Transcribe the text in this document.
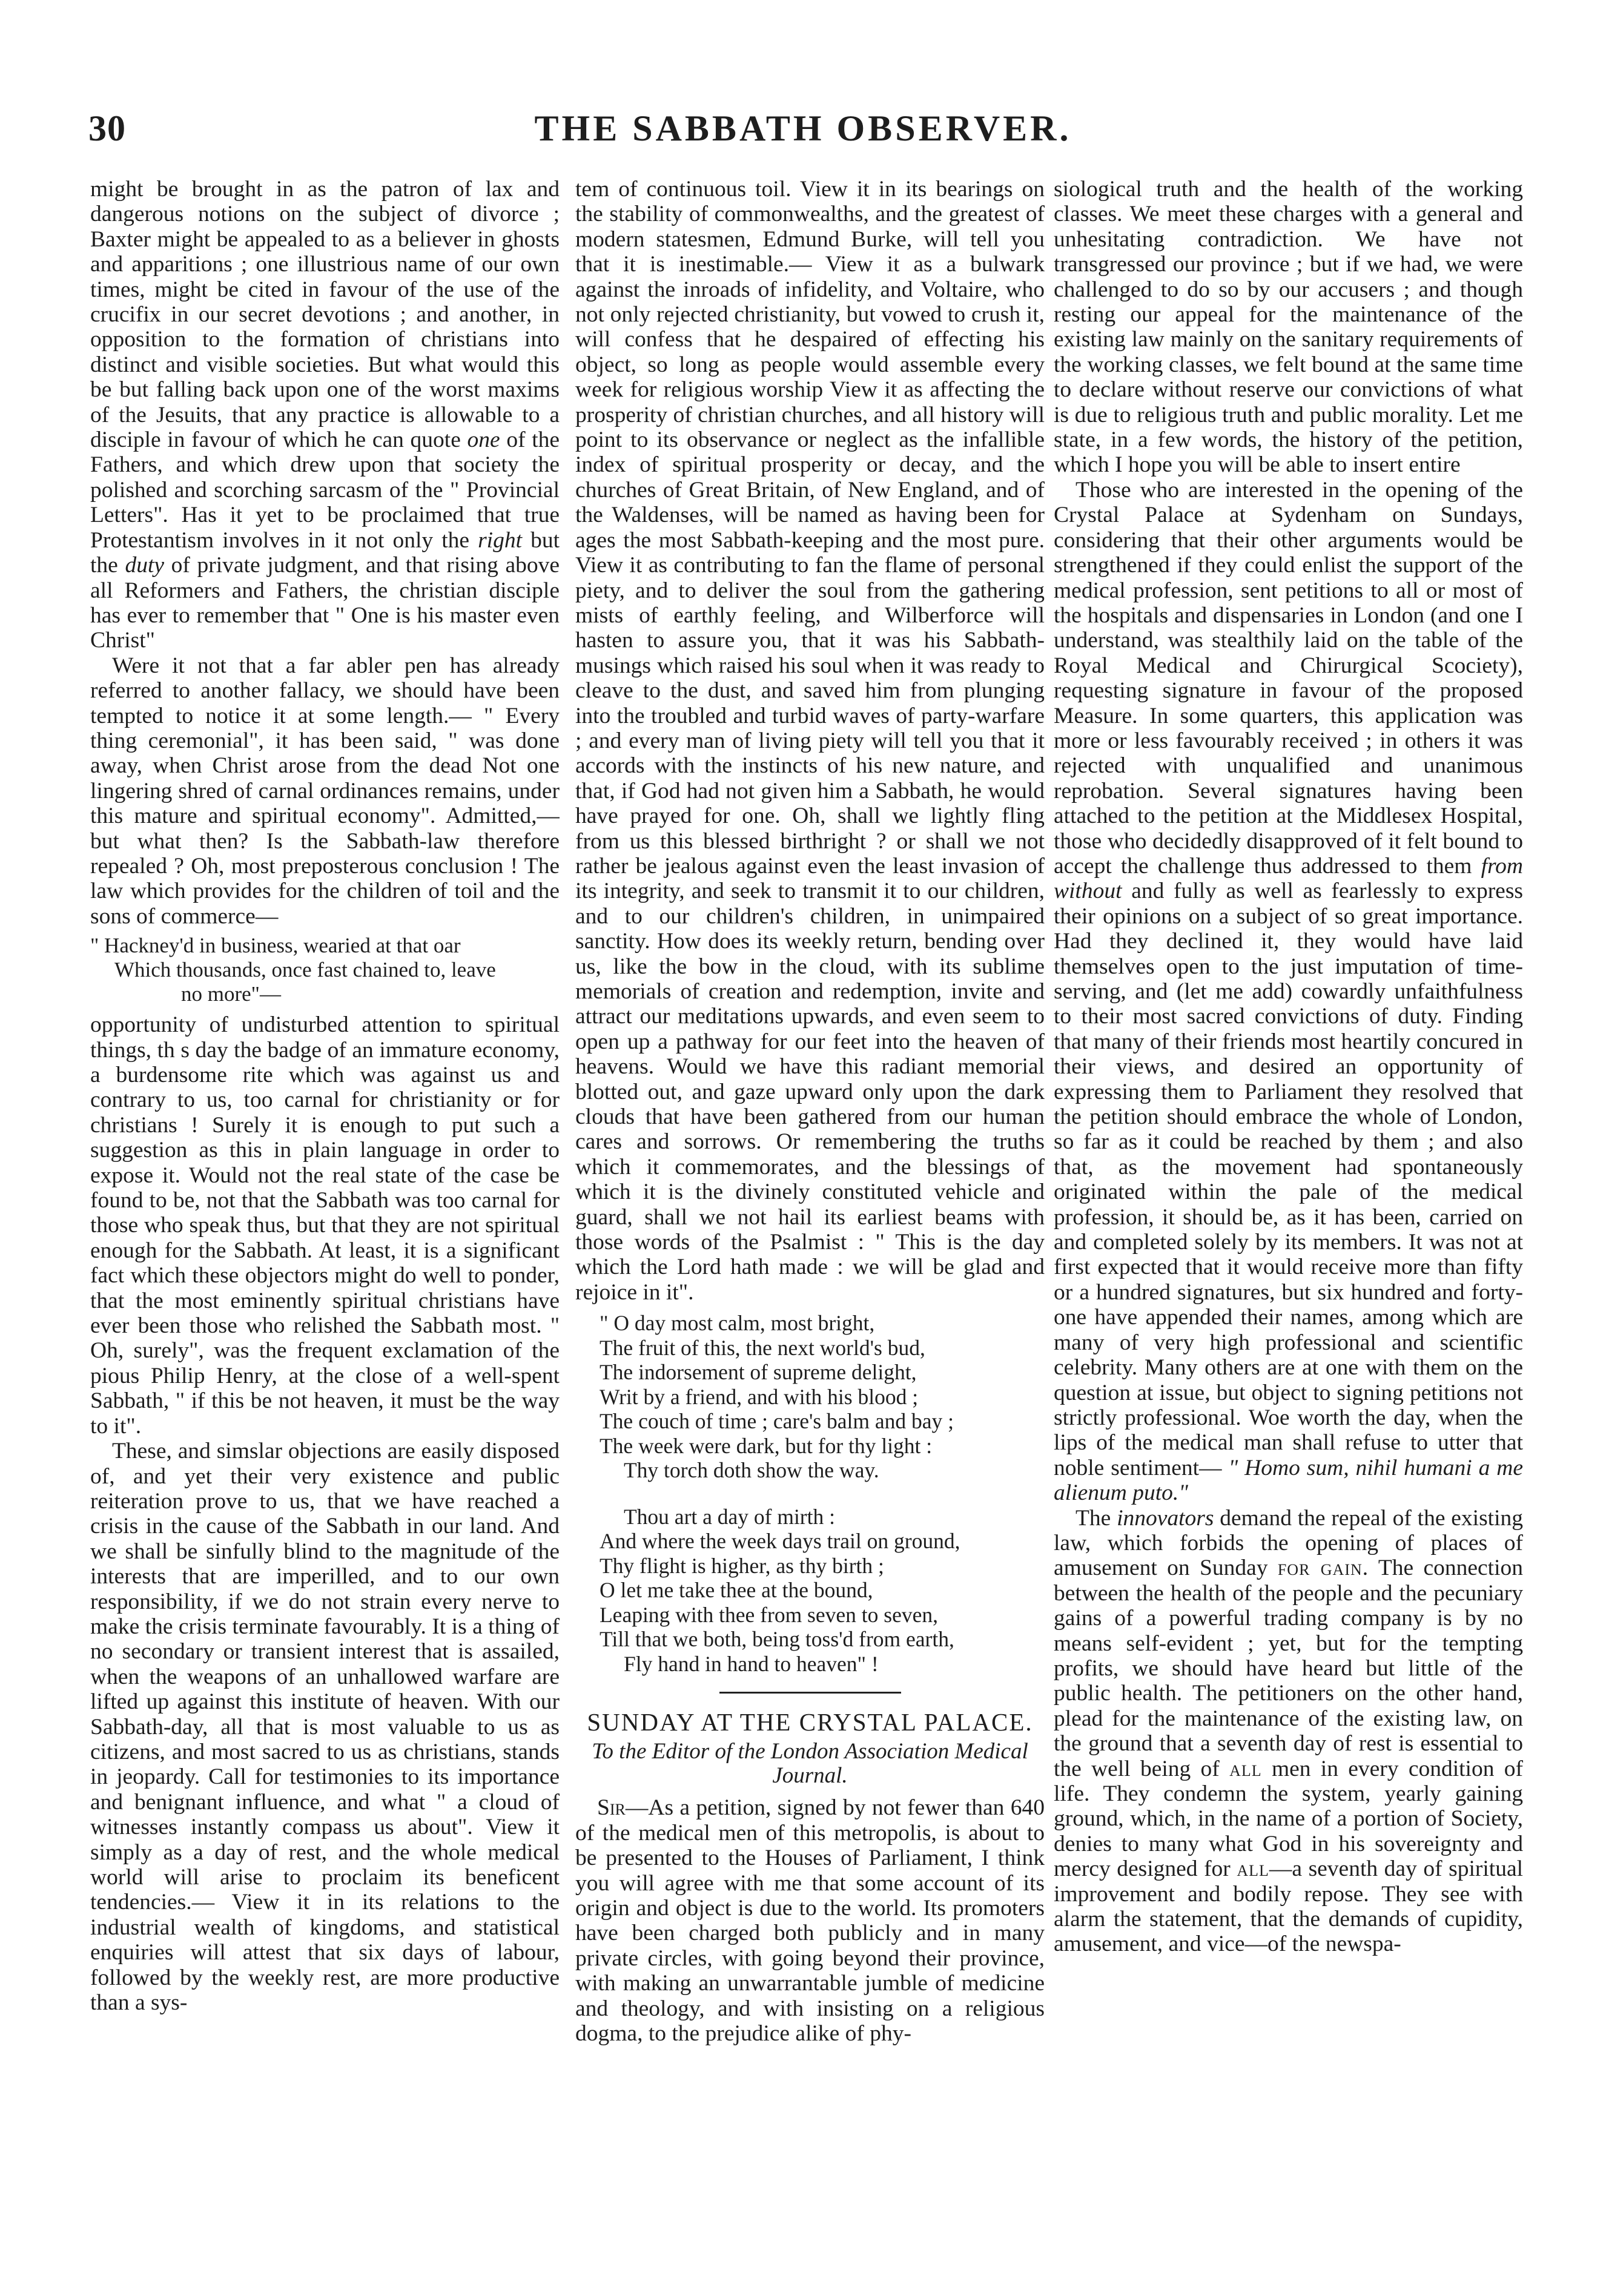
30	THE SABBATH OBSERVER.

might be brought in as the patron of lax and dangerous notions on the subject of divorce ; Baxter might be appealed to as a believer in ghosts and apparitions ; one illustrious name of our own times, might be cited in favour of the use of the crucifix in our secret devotions ; and another, in opposition to the formation of christians into distinct and visible societies. But what would this be but falling back upon one of the worst maxims of the Jesuits, that any practice is allowable to a disciple in favour of which he can quote one of the Fathers, and which drew upon that society the polished and scorching sarcasm of the " Provincial Letters". Has it yet to be proclaimed that true Protestantism involves in it not only the right but the duty of private judgment, and that rising above all Reformers and Fathers, the christian disciple has ever to remember that " One is his master even Christ"

Were it not that a far abler pen has already referred to another fallacy, we should have been tempted to notice it at some length.— " Every thing ceremonial", it has been said, " was done away, when Christ arose from the dead Not one lingering shred of carnal ordinances remains, under this mature and spiritual economy". Admitted,—but what then? Is the Sabbath-law therefore repealed ? Oh, most preposterous conclusion ! The law which provides for the children of toil and the sons of commerce—

" Hackney'd in business, wearied at that oar
Which thousands, once fast chained to, leave
no more"—

opportunity of undisturbed attention to spiritual things, th s day the badge of an immature economy, a burdensome rite which was against us and contrary to us, too carnal for christianity or for christians ! Surely it is enough to put such a suggestion as this in plain language in order to expose it. Would not the real state of the case be found to be, not that the Sabbath was too carnal for those who speak thus, but that they are not spiritual enough for the Sabbath. At least, it is a significant fact which these objectors might do well to ponder, that the most eminently spiritual christians have ever been those who relished the Sabbath most. " Oh, surely", was the frequent exclamation of the pious Philip Henry, at the close of a well-spent Sabbath, " if this be not heaven, it must be the way to it".

These, and simslar objections are easily disposed of, and yet their very existence and public reiteration prove to us, that we have reached a crisis in the cause of the Sabbath in our land. And we shall be sinfully blind to the magnitude of the interests that are imperilled, and to our own responsibility, if we do not strain every nerve to make the crisis terminate favourably. It is a thing of no secondary or transient interest that is assailed, when the weapons of an unhallowed warfare are lifted up against this institute of heaven. With our Sabbath-day, all that is most valuable to us as citizens, and most sacred to us as christians, stands in jeopardy. Call for testimonies to its importance and benignant influence, and what " a cloud of witnesses instantly compass us about". View it simply as a day of rest, and the whole medical world will arise to proclaim its beneficent tendencies.— View it in its relations to the industrial wealth of kingdoms, and statistical enquiries will attest that six days of labour, followed by the weekly rest, are more productive than a sys-

tem of continuous toil. View it in its bearings on the stability of commonwealths, and the greatest of modern statesmen, Edmund Burke, will tell you that it is inestimable.— View it as a bulwark against the inroads of infidelity, and Voltaire, who not only rejected christianity, but vowed to crush it, will confess that he despaired of effecting his object, so long as people would assemble every week for religious worship View it as affecting the prosperity of christian churches, and all history will point to its observance or neglect as the infallible index of spiritual prosperity or decay, and the churches of Great Britain, of New England, and of the Waldenses, will be named as having been for ages the most Sabbath-keeping and the most pure. View it as contributing to fan the flame of personal piety, and to deliver the soul from the gathering mists of earthly feeling, and Wilberforce will hasten to assure you, that it was his Sabbath-musings which raised his soul when it was ready to cleave to the dust, and saved him from plunging into the troubled and turbid waves of party-warfare ; and every man of living piety will tell you that it accords with the instincts of his new nature, and that, if God had not given him a Sabbath, he would have prayed for one. Oh, shall we lightly fling from us this blessed birthright ? or shall we not rather be jealous against even the least invasion of its integrity, and seek to transmit it to our children, and to our children's children, in unimpaired sanctity. How does its weekly return, bending over us, like the bow in the cloud, with its sublime memorials of creation and redemption, invite and attract our meditations upwards, and even seem to open up a pathway for our feet into the heaven of heavens. Would we have this radiant memorial blotted out, and gaze upward only upon the dark clouds that have been gathered from our human cares and sorrows. Or remembering the truths which it commemorates, and the blessings of which it is the divinely constituted vehicle and guard, shall we not hail its earliest beams with those words of the Psalmist : " This is the day which the Lord hath made : we will be glad and rejoice in it".

" O day most calm, most bright,
The fruit of this, the next world's bud,
The indorsement of supreme delight,
Writ by a friend, and with his blood ;
The couch of time ; care's balm and bay ;
The week were dark, but for thy light :
Thy torch doth show the way.
Thou art a day of mirth :
And where the week days trail on ground,
Thy flight is higher, as thy birth ;
O let me take thee at the bound,
Leaping with thee from seven to seven,
Till that we both, being toss'd from earth,
Fly hand in hand to heaven" !
SUNDAY AT THE CRYSTAL PALACE.
To the Editor of the London Association Medical Journal.

Sir—As a petition, signed by not fewer than 640 of the medical men of this metropolis, is about to be presented to the Houses of Parliament, I think you will agree with me that some account of its origin and object is due to the world. Its promoters have been charged both publicly and in many private circles, with going beyond their province, with making an unwarrantable jumble of medicine and theology, and with insisting on a religious dogma, to the prejudice alike of phy-

siological truth and the health of the working classes. We meet these charges with a general and unhesitating contradiction. We have not transgressed our province ; but if we had, we were challenged to do so by our accusers ; and though resting our appeal for the maintenance of the existing law mainly on the sanitary requirements of the working classes, we felt bound at the same time to declare without reserve our convictions of what is due to religious truth and public morality. Let me state, in a few words, the history of the petition, which I hope you will be able to insert entire

Those who are interested in the opening of the Crystal Palace at Sydenham on Sundays, considering that their other arguments would be strengthened if they could enlist the support of the medical profession, sent petitions to all or most of the hospitals and dispensaries in London (and one I understand, was stealthily laid on the table of the Royal Medical and Chirurgical Scociety), requesting signature in favour of the proposed Measure. In some quarters, this application was more or less favourably received ; in others it was rejected with unqualified and unanimous reprobation. Several signatures having been attached to the petition at the Middlesex Hospital, those who decidedly disapproved of it felt bound to accept the challenge thus addressed to them from without and fully as well as fearlessly to express their opinions on a subject of so great importance. Had they declined it, they would have laid themselves open to the just imputation of time-serving, and (let me add) cowardly unfaithfulness to their most sacred convictions of duty. Finding that many of their friends most heartily concured in their views, and desired an opportunity of expressing them to Parliament they resolved that the petition should embrace the whole of London, so far as it could be reached by them ; and also that, as the movement had spontaneously originated within the pale of the medical profession, it should be, as it has been, carried on and completed solely by its members. It was not at first expected that it would receive more than fifty or a hundred signatures, but six hundred and forty-one have appended their names, among which are many of very high professional and scientific celebrity. Many others are at one with them on the question at issue, but object to signing petitions not strictly professional. Woe worth the day, when the lips of the medical man shall refuse to utter that noble sentiment— " Homo sum, nihil humani a me alienum puto."

The innovators demand the repeal of the existing law, which forbids the opening of places of amusement on Sunday for gain. The connection between the health of the people and the pecuniary gains of a powerful trading company is by no means self-evident ; yet, but for the tempting profits, we should have heard but little of the public health. The petitioners on the other hand, plead for the maintenance of the existing law, on the ground that a seventh day of rest is essential to the well being of all men in every condition of life. They condemn the system, yearly gaining ground, which, in the name of a portion of Society, denies to many what God in his sovereignty and mercy designed for all—a seventh day of spiritual improvement and bodily repose. They see with alarm the statement, that the demands of cupidity, amusement, and vice—of the newspa-
